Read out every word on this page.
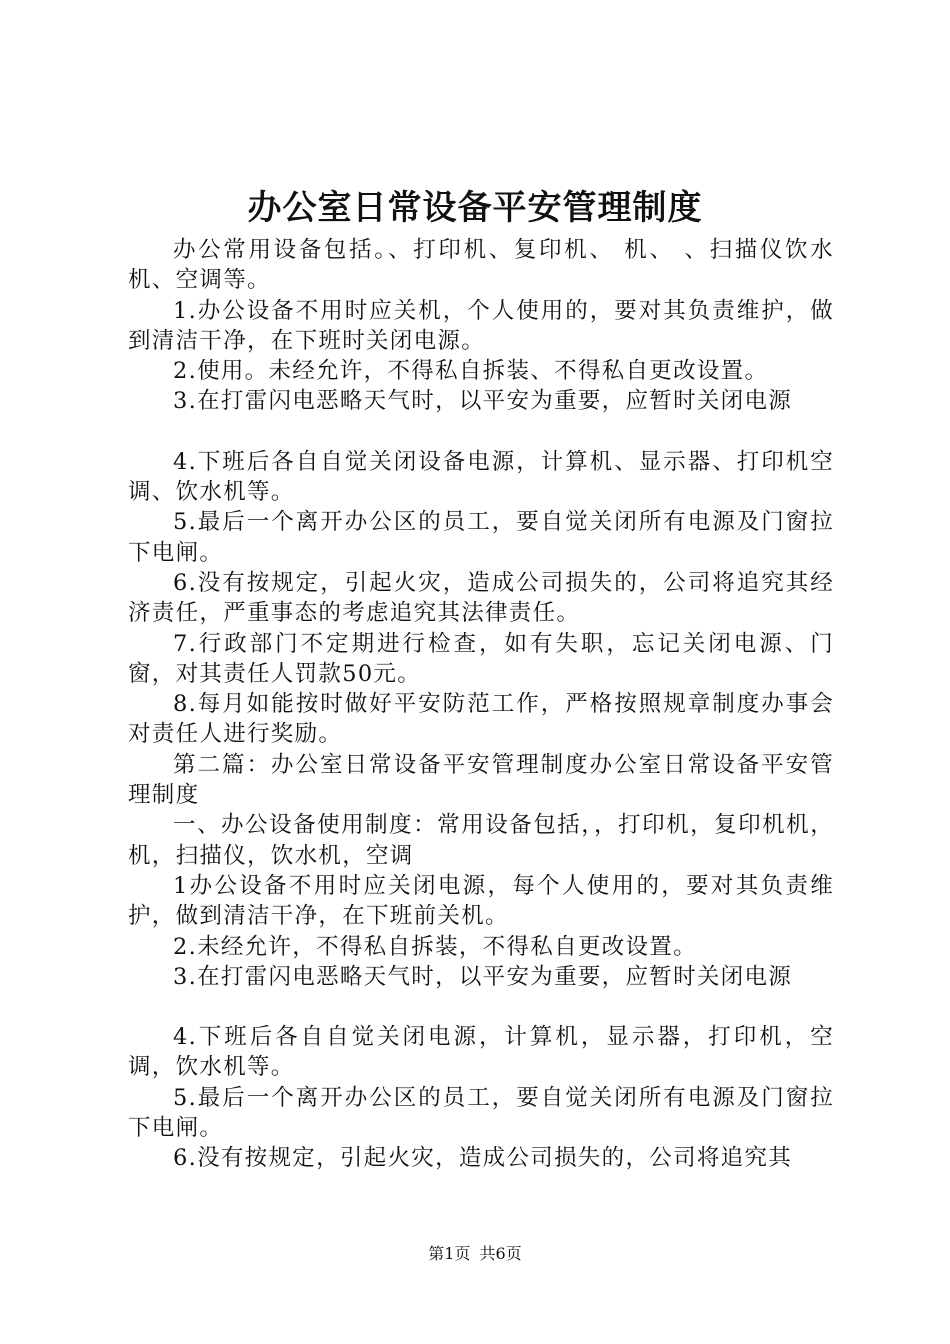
办公室日常设备平安管理制度

办公常用设备包括。、打印机、复印机、 机、 、扫描仪饮水机、空调等。

1.办公设备不用时应关机，个人使用的，要对其负责维护，做到清洁干净，在下班时关闭电源。

2.使用。未经允许，不得私自拆装、不得私自更改设置。

3.在打雷闪电恶略天气时，以平安为重要，应暂时关闭电源

4.下班后各自自觉关闭设备电源，计算机、显示器、打印机空调、饮水机等。

5.最后一个离开办公区的员工，要自觉关闭所有电源及门窗拉下电闸。

6.没有按规定，引起火灾，造成公司损失的，公司将追究其经济责任，严重事态的考虑追究其法律责任。

7.行政部门不定期进行检查，如有失职，忘记关闭电源、门窗，对其责任人罚款50元。

8.每月如能按时做好平安防范工作，严格按照规章制度办事会对责任人进行奖励。

第二篇：办公室日常设备平安管理制度办公室日常设备平安管理制度

一、办公设备使用制度：常用设备包括，，打印机，复印机机， 机，扫描仪，饮水机，空调

1办公设备不用时应关闭电源，每个人使用的，要对其负责维护，做到清洁干净，在下班前关机。

2.未经允许，不得私自拆装，不得私自更改设置。

3.在打雷闪电恶略天气时，以平安为重要，应暂时关闭电源

4.下班后各自自觉关闭电源，计算机，显示器，打印机，空调，饮水机等。

5.最后一个离开办公区的员工，要自觉关闭所有电源及门窗拉下电闸。

6.没有按规定，引起火灾，造成公司损失的，公司将追究其

第1页 共6页
